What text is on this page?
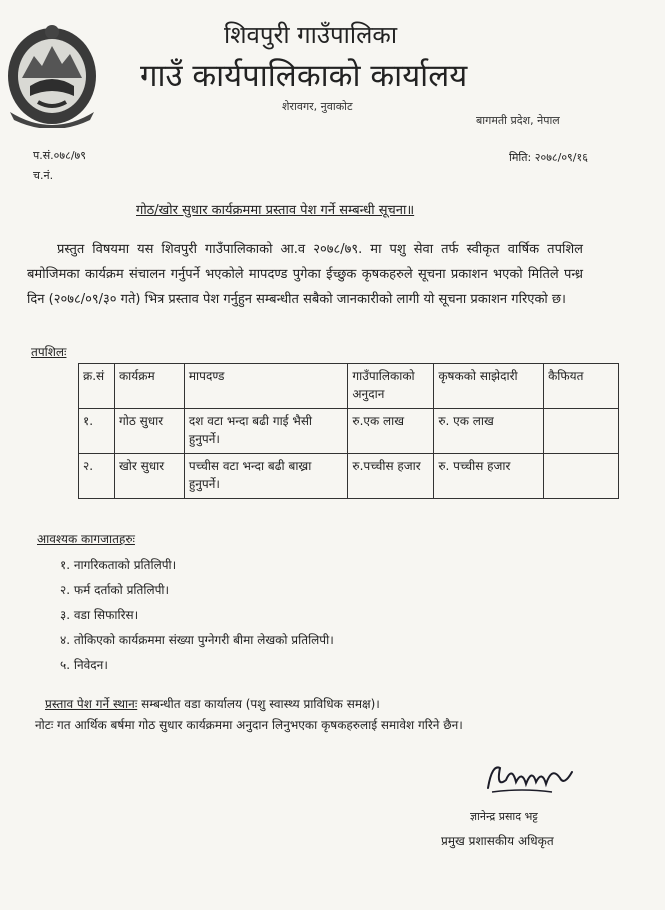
शिवपुरी गाउँपालिका
गाउँ कार्यपालिकाको कार्यालय
शेरावगर, नुवाकोट
बागमती प्रदेश, नेपाल
प.सं.०७८/७९
च.नं.
मिति: २०७८/०९/१६
गोठ/खोर सुधार कार्यक्रममा प्रस्ताव पेश गर्ने सम्बन्धी सूचना॥
प्रस्तुत विषयमा यस शिवपुरी गाउँपालिकाको आ.व २०७८/७९. मा पशु सेवा तर्फ स्वीकृत वार्षिक तपशिल बमोजिमका कार्यक्रम संचालन गर्नुपर्ने भएकोले मापदण्ड पुगेका ईच्छुक कृषकहरुले सूचना प्रकाशन भएको मितिले पन्ध्र दिन (२०७८/०९/३० गते) भित्र प्रस्ताव पेश गर्नुहुन सम्बन्धीत सबैको जानकारीको लागी यो सूचना प्रकाशन गरिएको छ।
तपशिलः
क्र.सं	कार्यक्रम	मापदण्ड	गाउँपालिकाको अनुदान	कृषकको साझेदारी	कैफियत
१.	गोठ सुधार	दश वटा भन्दा बढी गाई भैसी हुनुपर्ने।	रु.एक लाख	रु. एक लाख	
२.	खोर सुधार	पच्चीस वटा भन्दा बढी बाख्रा हुनुपर्ने।	रु.पच्चीस हजार	रु. पच्चीस हजार	
आवश्यक कागजातहरुः
१. नागरिकताको प्रतिलिपी।
२. फर्म दर्ताको प्रतिलिपी।
३. वडा सिफारिस।
४. तोकिएको कार्यक्रममा संख्या पुग्नेगरी बीमा लेखको प्रतिलिपी।
५. निवेदन।
प्रस्ताव पेश गर्ने स्थानः सम्बन्धीत वडा कार्यालय (पशु स्वास्थ्य प्राविधिक समक्ष)।
नोटः गत आर्थिक बर्षमा गोठ सुधार कार्यक्रममा अनुदान लिनुभएका कृषकहरुलाई समावेश गरिने छैन।
ज्ञानेन्द्र प्रसाद भट्ट
प्रमुख प्रशासकीय अधिकृत
